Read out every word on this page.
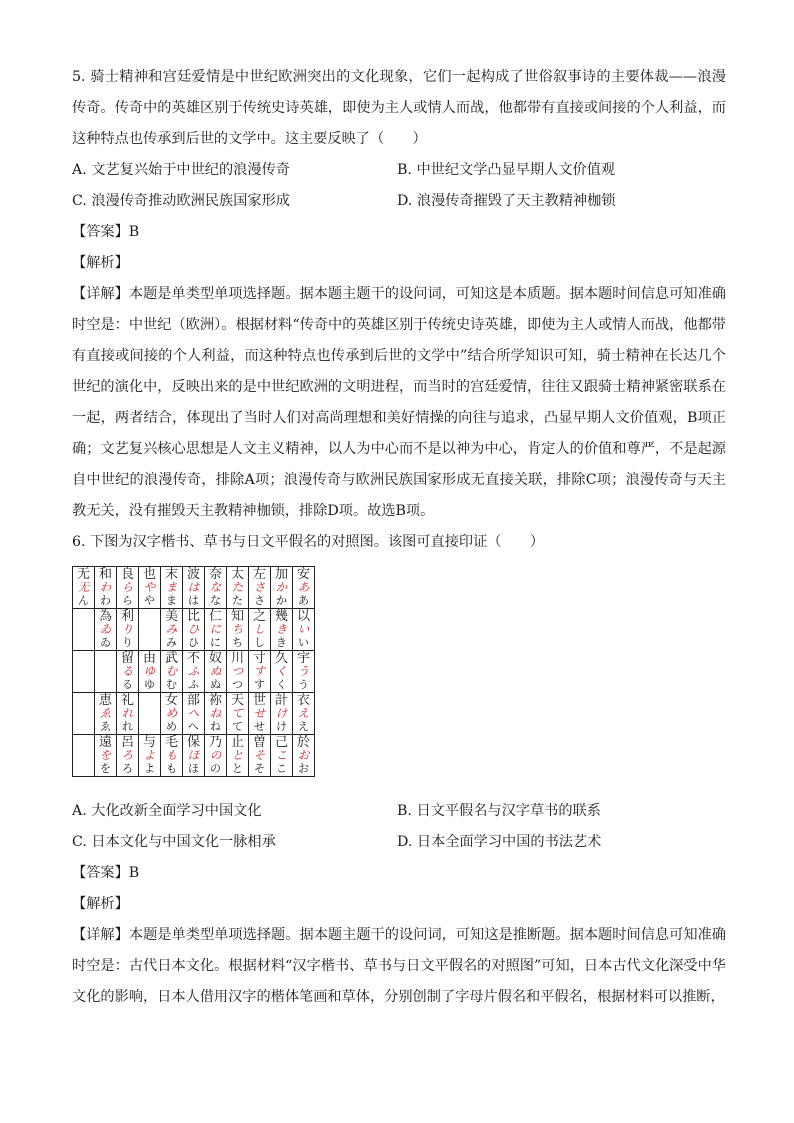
5. 骑士精神和宫廷爱情是中世纪欧洲突出的文化现象，它们一起构成了世俗叙事诗的主要体裁——浪漫传奇。传奇中的英雄区别于传统史诗英雄，即使为主人或情人而战，他都带有直接或间接的个人利益，而这种特点也传承到后世的文学中。这主要反映了（　　）

A. 文艺复兴始于中世纪的浪漫传奇	B. 中世纪文学凸显早期人文价值观
C. 浪漫传奇推动欧洲民族国家形成	D. 浪漫传奇摧毁了天主教精神枷锁
【答案】B
【解析】

【详解】本题是单类型单项选择题。据本题主题干的设问词，可知这是本质题。据本题时间信息可知准确时空是：中世纪（欧洲）。根据材料“传奇中的英雄区别于传统史诗英雄，即使为主人或情人而战，他都带有直接或间接的个人利益，而这种特点也传承到后世的文学中”结合所学知识可知，骑士精神在长达几个世纪的演化中，反映出来的是中世纪欧洲的文明进程，而当时的宫廷爱情，往往又跟骑士精神紧密联系在一起，两者结合，体现出了当时人们对高尚理想和美好情操的向往与追求，凸显早期人文价值观，B项正确；文艺复兴核心思想是人文主义精神，以人为中心而不是以神为中心，肯定人的价值和尊严，不是起源自中世纪的浪漫传奇，排除A项；浪漫传奇与欧洲民族国家形成无直接关联，排除C项；浪漫传奇与天主教无关，没有摧毁天主教精神枷锁，排除D项。故选B项。

6. 下图为汉字楷书、草书与日文平假名的对照图。该图可直接印证（　　）

无
无
ん	和
わ
わ	良
ら
ら	也
や
や	末
ま
ま	波
は
は	奈
な
な	太
た
た	左
さ
さ	加
か
か	安
あ
あ

	為
ゐ
ゐ	利
り
り		美
み
み	比
ひ
ひ	仁
に
に	知
ち
ち	之
し
し	幾
き
き	以
い
い

		留
る
る	由
ゆ
ゆ	武
む
む	不
ふ
ふ	奴
ぬ
ぬ	川
つ
つ	寸
す
す	久
く
く	宇
う
う

	恵
ゑ
ゑ	礼
れ
れ		女
め
め	部
へ
へ	祢
ね
ね	天
て
て	世
せ
せ	計
け
け	衣
え
え

	遠
を
を	呂
ろ
ろ	与
よ
よ	毛
も
も	保
ほ
ほ	乃
の
の	止
と
と	曽
そ
そ	己
こ
こ	於
お
お
A. 大化改新全面学习中国文化	B. 日文平假名与汉字草书的联系
C. 日本文化与中国文化一脉相承	D. 日本全面学习中国的书法艺术
【答案】B
【解析】

【详解】本题是单类型单项选择题。据本题主题干的设问词，可知这是推断题。据本题时间信息可知准确时空是：古代日本文化。根据材料“汉字楷书、草书与日文平假名的对照图”可知，日本古代文化深受中华文化的影响，日本人借用汉字的楷体笔画和草体，分别创制了字母片假名和平假名，根据材料可以推断，
